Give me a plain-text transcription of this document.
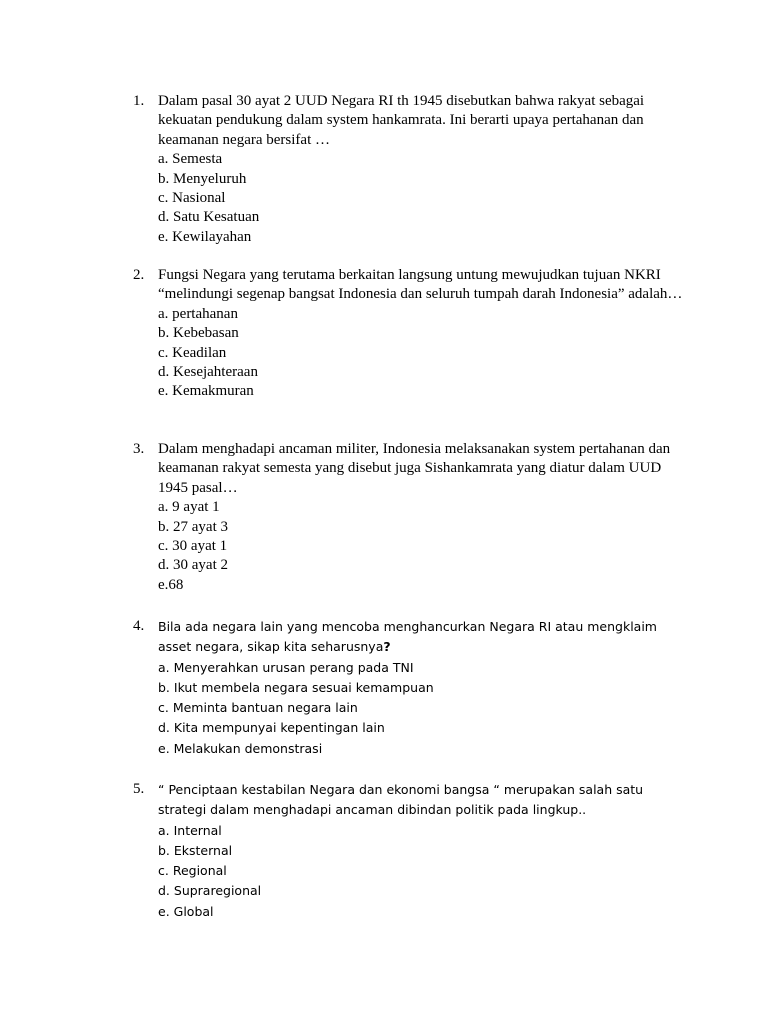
1. Dalam pasal 30 ayat 2 UUD Negara RI th 1945 disebutkan bahwa rakyat sebagai kekuatan pendukung dalam system hankamrata. Ini berarti upaya pertahanan dan keamanan negara bersifat …
a. Semesta
b. Menyeluruh
c. Nasional
d. Satu Kesatuan
e. Kewilayahan
2. Fungsi Negara yang terutama berkaitan langsung untung mewujudkan tujuan NKRI “melindungi segenap bangsat Indonesia dan seluruh tumpah darah Indonesia” adalah…
a. pertahanan
b. Kebebasan
c. Keadilan
d. Kesejahteraan
e. Kemakmuran
3. Dalam menghadapi ancaman militer, Indonesia melaksanakan system pertahanan dan keamanan rakyat semesta yang disebut juga Sishankamrata yang diatur dalam UUD 1945 pasal…
a. 9 ayat 1
b. 27 ayat 3
c. 30 ayat 1
d. 30 ayat 2
e.68
4.	Bila ada negara lain yang mencoba menghancurkan Negara RI atau mengklaim asset negara, sikap kita seharusnya?
a. Menyerahkan urusan perang pada TNI
b. Ikut membela negara sesuai kemampuan
c. Meminta bantuan negara lain
d. Kita mempunyai kepentingan lain
e. Melakukan demonstrasi
5.	“ Penciptaan kestabilan Negara dan ekonomi bangsa “ merupakan salah satu strategi dalam menghadapi ancaman dibindan politik pada lingkup..
a. Internal
b. Eksternal
c. Regional
d. Supraregional
e. Global
